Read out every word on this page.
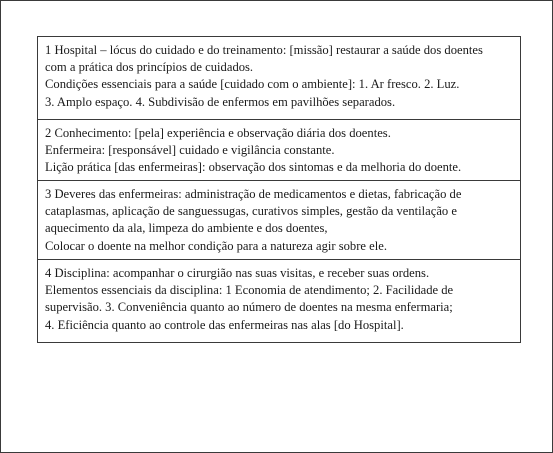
1 Hospital – lócus do cuidado e do treinamento: [missão] restaurar a saúde dos doentes
com a prática dos princípios de cuidados.
Condições essenciais para a saúde [cuidado com o ambiente]: 1. Ar fresco. 2. Luz.
3. Amplo espaço. 4. Subdivisão de enfermos em pavilhões separados.
2 Conhecimento: [pela] experiência e observação diária dos doentes.
Enfermeira: [responsável] cuidado e vigilância constante.
Lição prática [das enfermeiras]: observação dos sintomas e da melhoria do doente.
3 Deveres das enfermeiras: administração de medicamentos e dietas, fabricação de
cataplasmas, aplicação de sanguessugas, curativos simples, gestão da ventilação e
aquecimento da ala, limpeza do ambiente e dos doentes,
Colocar o doente na melhor condição para a natureza agir sobre ele.
4 Disciplina: acompanhar o cirurgião nas suas visitas, e receber suas ordens.
Elementos essenciais da disciplina: 1 Economia de atendimento; 2. Facilidade de
supervisão. 3. Conveniência quanto ao número de doentes na mesma enfermaria;
4. Eficiência quanto ao controle das enfermeiras nas alas [do Hospital].
